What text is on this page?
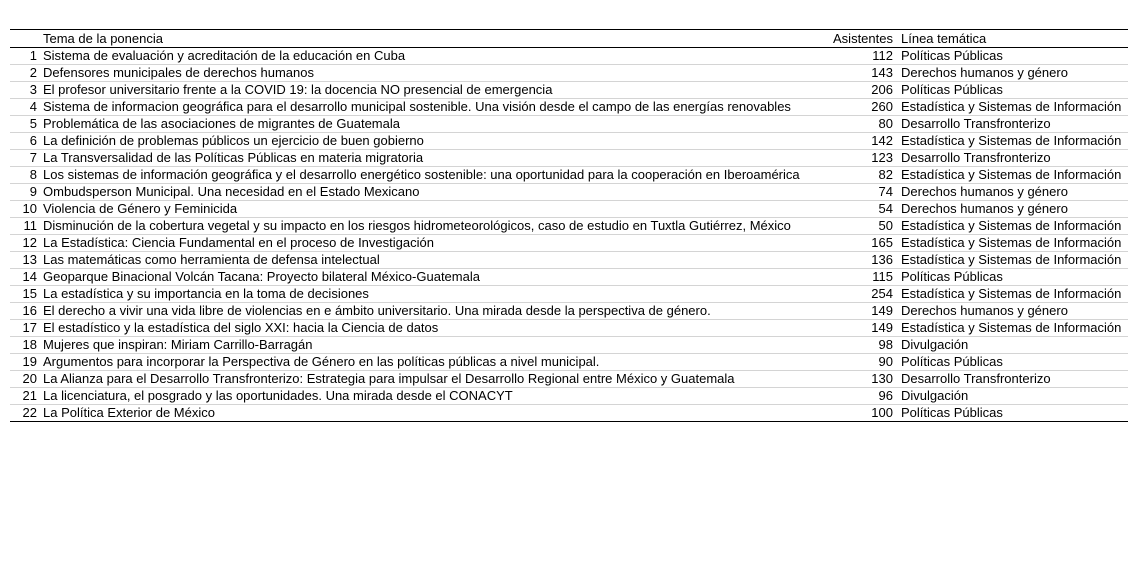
	Tema de la ponencia	Asistentes	Línea temática
1	Sistema de evaluación y acreditación de la educación en Cuba	112	Políticas Públicas
2	Defensores municipales de derechos humanos	143	Derechos humanos y género
3	El profesor universitario frente a la COVID 19: la docencia NO presencial de emergencia	206	Políticas Públicas
4	Sistema de informacion geográfica para el desarrollo municipal sostenible. Una visión desde el campo de las energías renovables	260	Estadística y Sistemas de Información
5	Problemática de las asociaciones de migrantes de Guatemala	80	Desarrollo Transfronterizo
6	La definición de problemas públicos un ejercicio de buen gobierno	142	Estadística y Sistemas de Información
7	La Transversalidad de las Políticas Públicas en materia migratoria	123	Desarrollo Transfronterizo
8	Los sistemas de información geográfica y el desarrollo energético sostenible: una oportunidad para la cooperación en Iberoamérica	82	Estadística y Sistemas de Información
9	Ombudsperson Municipal. Una necesidad en el Estado Mexicano	74	Derechos humanos y género
10	Violencia de Género y Feminicida	54	Derechos humanos y género
11	Disminución de la cobertura vegetal y su impacto en los riesgos hidrometeorológicos, caso de estudio en Tuxtla Gutiérrez, México	50	Estadística y Sistemas de Información
12	La Estadística: Ciencia Fundamental en el proceso de Investigación	165	Estadística y Sistemas de Información
13	Las matemáticas como herramienta de defensa intelectual	136	Estadística y Sistemas de Información
14	Geoparque Binacional Volcán Tacana: Proyecto bilateral México-Guatemala	115	Políticas Públicas
15	La estadística y su importancia en la toma de decisiones	254	Estadística y Sistemas de Información
16	El derecho a vivir una vida libre de violencias en e ámbito universitario. Una mirada desde la perspectiva de género.	149	Derechos humanos y género
17	El estadístico y la estadística del siglo XXI: hacia la Ciencia de datos	149	Estadística y Sistemas de Información
18	Mujeres que inspiran: Miriam Carrillo-Barragán	98	Divulgación
19	Argumentos para incorporar la Perspectiva de Género en las políticas públicas a nivel municipal.	90	Políticas Públicas
20	La Alianza para el Desarrollo Transfronterizo: Estrategia para impulsar el Desarrollo Regional entre México y Guatemala	130	Desarrollo Transfronterizo
21	La licenciatura, el posgrado y las oportunidades. Una mirada desde el CONACYT	96	Divulgación
22	La Política Exterior de México	100	Políticas Públicas
